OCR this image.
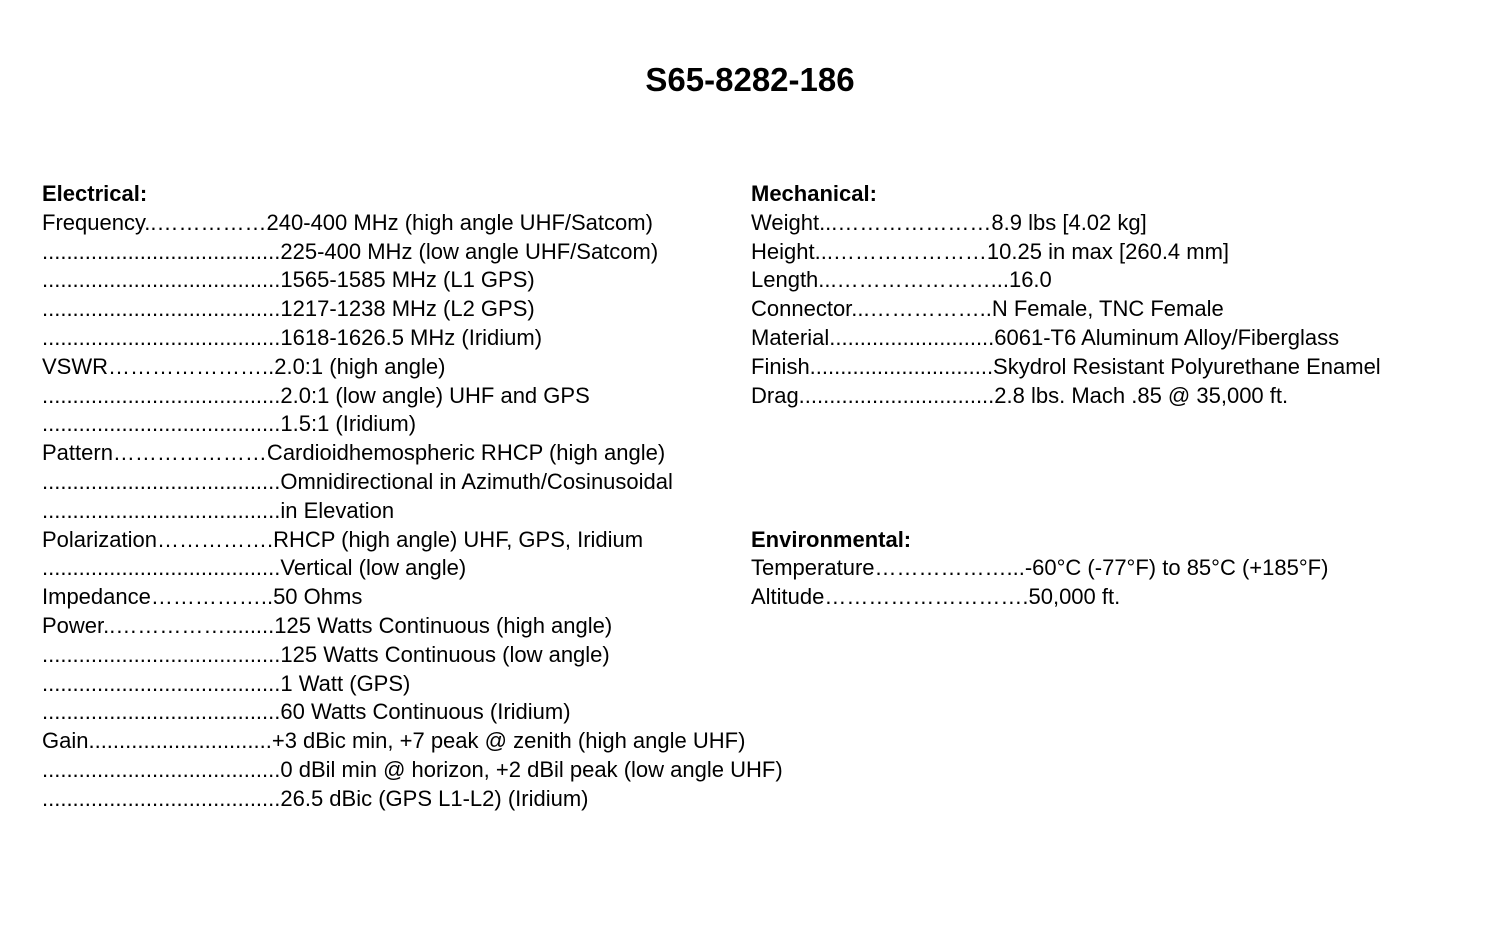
S65-8282-186
Electrical:
Frequency..……………240-400 MHz (high angle UHF/Satcom)
.......................................225-400 MHz (low angle UHF/Satcom)
.......................................1565-1585 MHz (L1 GPS)
.......................................1217-1238 MHz (L2 GPS)
.......................................1618-1626.5 MHz (Iridium)
VSWR…………………..2.0:1 (high angle)
.......................................2.0:1 (low angle) UHF and GPS
.......................................1.5:1 (Iridium)
Pattern…………………Cardioidhemospheric RHCP (high angle)
.......................................Omnidirectional in Azimuth/Cosinusoidal
.......................................in Elevation
Polarization…………….RHCP (high angle) UHF, GPS, Iridium
.......................................Vertical (low angle)
Impedance……………..50 Ohms
Power..……………........125 Watts Continuous (high angle)
.......................................125 Watts Continuous (low angle)
.......................................1 Watt (GPS)
.......................................60 Watts Continuous (Iridium)
Gain..............................+3 dBic min, +7 peak @ zenith (high angle UHF)
.......................................0 dBil min @ horizon, +2 dBil peak (low angle UHF)
.......................................26.5 dBic (GPS L1-L2) (Iridium)
Mechanical:
Weight...…………………8.9 lbs [4.02 kg]
Height...…………………10.25 in max [260.4 mm]
Length...…………………...16.0
Connector...……………..N Female, TNC Female
Material...........................6061-T6 Aluminum Alloy/Fiberglass
Finish..............................Skydrol Resistant Polyurethane Enamel
Drag................................2.8 lbs. Mach .85 @ 35,000 ft.
Environmental:
Temperature………………...-60°C (-77°F) to 85°C (+185°F)
Altitude……………………….50,000 ft.
